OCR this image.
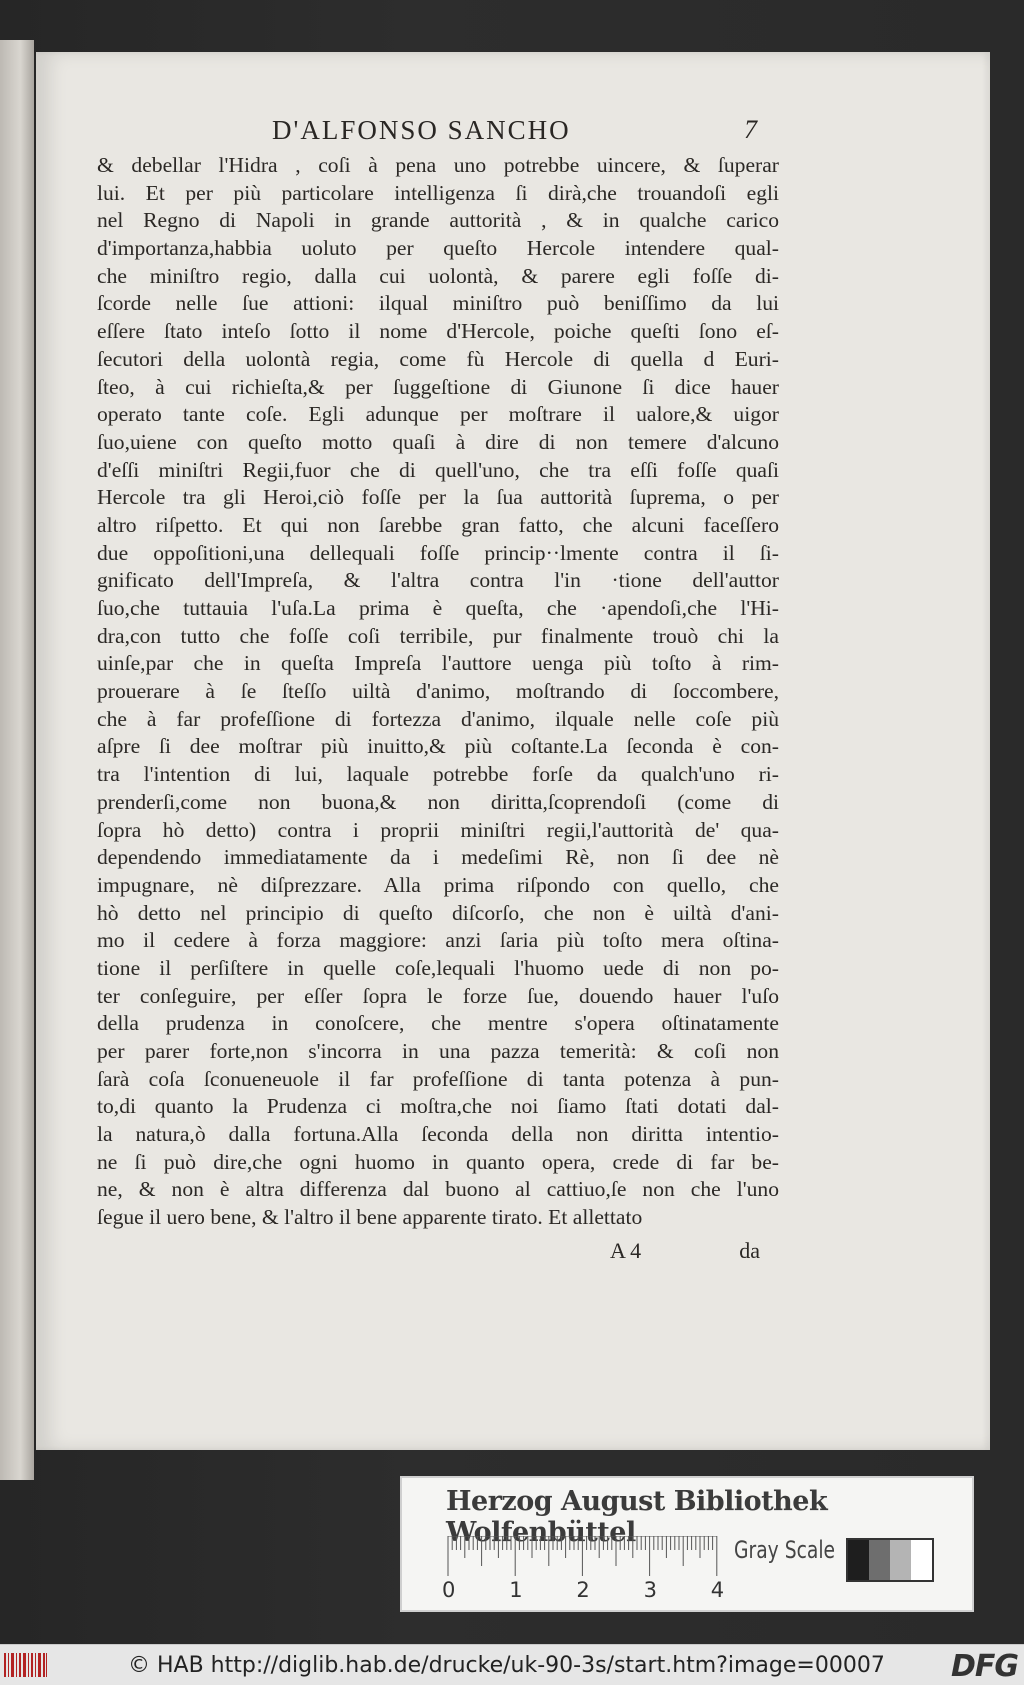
D'ALFONSO SANCHO	7
& debellar l'Hidra , coſi à pena uno potrebbe uincere, & ſuperar
lui. Et per più particolare intelligenza ſi dirà,che trouandoſi egli
nel Regno di Napoli in grande auttorità , & in qualche carico
d'importanza,habbia uoluto per queſto Hercole intendere qual-
che miniſtro regio, dalla cui uolontà, & parere egli foſſe di-
ſcorde nelle ſue attioni: ilqual miniſtro può beniſſimo da lui
eſſere ſtato inteſo ſotto il nome d'Hercole, poiche queſti ſono eſ-
ſecutori della uolontà regia, come fù Hercole di quella d Euri-
ſteo, à cui richieſta,& per ſuggeſtione di Giunone ſi dice hauer
operato tante coſe. Egli adunque per moſtrare il ualore,& uigor
ſuo,uiene con queſto motto quaſi à dire di non temere d'alcuno
d'eſſi miniſtri Regii,fuor che di quell'uno, che tra eſſi foſſe quaſi
Hercole tra gli Heroi,ciò foſſe per la ſua auttorità ſuprema, o per
altro riſpetto. Et qui non ſarebbe gran fatto, che alcuni faceſſero
due oppoſitioni,una dellequali foſſe princip··lmente contra il ſi-
gnificato dell'Impreſa, & l'altra contra l'in ·tione dell'auttor
ſuo,che tuttauia l'uſa.La prima è queſta, che ·apendoſi,che l'Hi-
dra,con tutto che foſſe coſi terribile, pur finalmente trouò chi la
uinſe,par che in queſta Impreſa l'auttore uenga più toſto à rim-
prouerare à ſe ſteſſo uiltà d'animo, moſtrando di ſoccombere,
che à far profeſſione di fortezza d'animo, ilquale nelle coſe più
aſpre ſi dee moſtrar più inuitto,& più coſtante.La ſeconda è con-
tra l'intention di lui, laquale potrebbe forſe da qualch'uno ri-
prenderſi,come non buona,& non diritta,ſcoprendoſi (come di
ſopra hò detto) contra i proprii miniſtri regii,l'auttorità de' qua-
dependendo immediatamente da i medeſimi Rè, non ſi dee nè
impugnare, nè diſprezzare. Alla prima riſpondo con quello, che
hò detto nel principio di queſto diſcorſo, che non è uiltà d'ani-
mo il cedere à forza maggiore: anzi ſaria più toſto mera oſtina-
tione il perſiſtere in quelle coſe,lequali l'huomo uede di non po-
ter conſeguire, per eſſer ſopra le forze ſue, douendo hauer l'uſo
della prudenza in conoſcere, che mentre s'opera oſtinatamente
per parer forte,non s'incorra in una pazza temerità: & coſi non
ſarà coſa ſconueneuole il far profeſſione di tanta potenza à pun-
to,di quanto la Prudenza ci moſtra,che noi ſiamo ſtati dotati dal-
la natura,ò dalla fortuna.Alla ſeconda della non diritta intentio-
ne ſi può dire,che ogni huomo in quanto opera, crede di far be-
ne, & non è altra differenza dal buono al cattiuo,ſe non che l'uno
ſegue il uero bene, & l'altro il bene apparente tirato. Et allettato
A 4	da
Herzog August Bibliothek Wolfenbüttel
0	1	2	3	4
Gray Scale
© HAB http://diglib.hab.de/drucke/uk-90-3s/start.htm?image=00007 DFG
